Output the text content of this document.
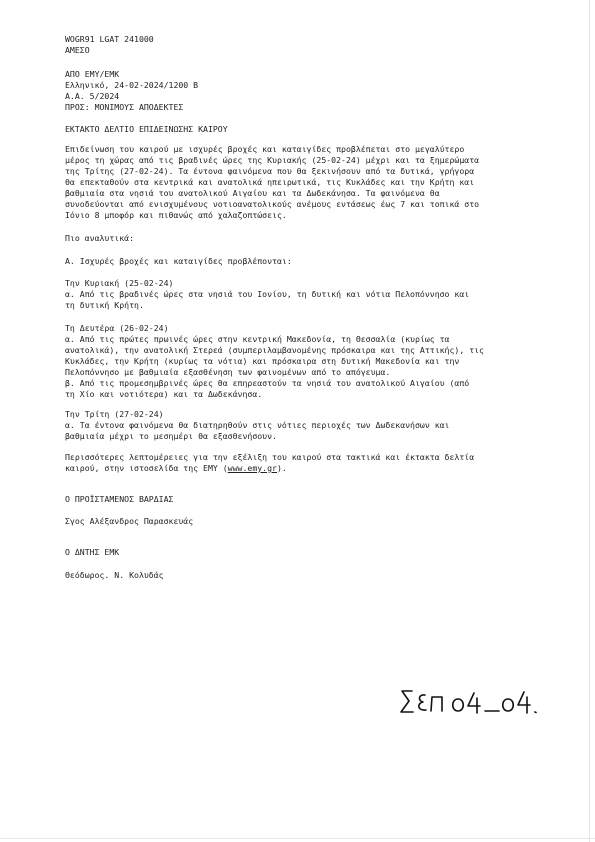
WOGR91 LGAT 241000
ΑΜΕΣΟ
ΑΠΟ ΕΜΥ/ΕΜΚ
Ελληνικό, 24-02-2024/1200 Β
Α.Α. 5/2024
ΠΡΟΣ: ΜΟΝΙΜΟΥΣ ΑΠΟΔΕΚΤΕΣ
ΕΚΤΑΚΤΟ ΔΕΛΤΙΟ ΕΠΙΔΕΙΝΩΣΗΣ ΚΑΙΡΟΥ
Επιδείνωση του καιρού με ισχυρές βροχές και καταιγίδες προβλέπεται στο μεγαλύτερο
μέρος τη χώρας από τις βραδινές ώρες της Κυριακής (25-02-24) μέχρι και τα ξημερώματα
της Τρίτης (27-02-24). Τα έντονα φαινόμενα που θα ξεκινήσουν από τα δυτικά, γρήγορα
θα επεκταθούν στα κεντρικά και ανατολικά ηπειρωτικά, τις Κυκλάδες και την Κρήτη και
βαθμιαία στα νησιά του ανατολικού Αιγαίου και τα Δωδεκάνησα. Τα φαινόμενα θα
συνοδεύονται από ενισχυμένους νοτιοανατολικούς ανέμους εντάσεως έως 7 και τοπικά στο
Ιόνιο 8 μποφόρ και πιθανώς από χαλαζοπτώσεις.
Πιο αναλυτικά:
Α. Ισχυρές βροχές και καταιγίδες προβλέπονται:
Την Κυριακή (25-02-24)
α. Από τις βραδινές ώρες στα νησιά του Ιονίου, τη δυτική και νότια Πελοπόννησο και
τη δυτική Κρήτη.
Τη Δευτέρα (26-02-24)
α. Από τις πρώτες πρωινές ώρες στην κεντρική Μακεδονία, τη Θεσσαλία (κυρίως τα
ανατολικά), την ανατολική Στερεά (συμπεριλαμβανομένης πρόσκαιρα και της Αττικής), τις
Κυκλάδες, την Κρήτη (κυρίως τα νότια) και πρόσκαιρα στη δυτική Μακεδονία και την
Πελοπόννησο με βαθμιαία εξασθένηση των φαινομένων από το απόγευμα.
β. Από τις προμεσημβρινές ώρες θα επηρεαστούν τα νησιά του ανατολικού Αιγαίου (από
τη Χίο και νοτιότερα) και τα Δωδεκάνησα.
Την Τρίτη (27-02-24)
α. Τα έντονα φαινόμενα θα διατηρηθούν στις νότιες περιοχές των Δωδεκανήσων και
βαθμιαία μέχρι το μεσημέρι θα εξασθενήσουν.
Περισσότερες λεπτομέρειες για την εξέλιξη του καιρού στα τακτικά και έκτακτα δελτία
καιρού, στην ιστοσελίδα της ΕΜΥ (www.emy.gr).
Ο ΠΡΟΪΣΤΑΜΕΝΟΣ ΒΑΡΔΙΑΣ
Σγος Αλέξανδρος Παρασκευάς
Ο ΔΝΤΗΣ ΕΜΚ
Θεόδωρος. Ν. Κολυδάς
